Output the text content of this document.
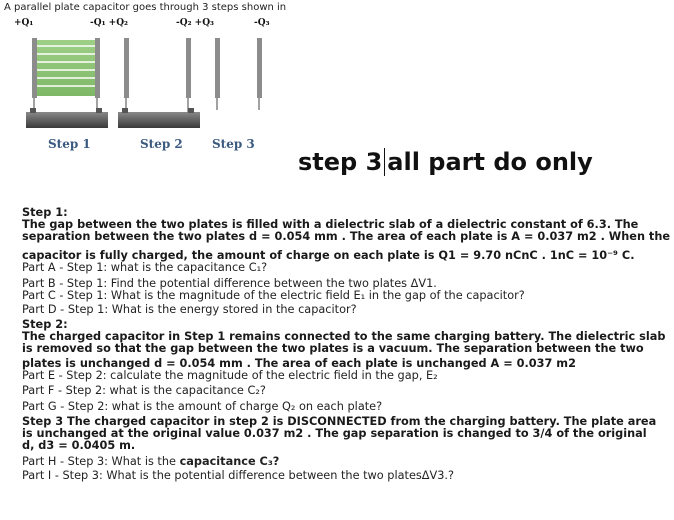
A parallel plate capacitor goes through 3 steps shown in
+Q₁	-Q₁ +Q₂	-Q₂ +Q₃	-Q₃
Step 1	Step 2 Step 3
step 3 all part do only
Step 1:
The gap between the two plates is filled with a dielectric slab of a dielectric constant of 6.3. The
separation between the two plates d = 0.054 mm . The area of each plate is A = 0.037 m2 . When the
capacitor is fully charged, the amount of charge on each plate is Q1 = 9.70 nCnC . 1nC = 10⁻⁹ C.
Part A - Step 1: what is the capacitance C₁?
Part B - Step 1: Find the potential difference between the two plates ΔV1.
Part C - Step 1: What is the magnitude of the electric field E₁ in the gap of the capacitor?
Part D - Step 1: What is the energy stored in the capacitor?
Step 2:
The charged capacitor in Step 1 remains connected to the same charging battery. The dielectric slab
is removed so that the gap between the two plates is a vacuum. The separation between the two
plates is unchanged d = 0.054 mm . The area of each plate is unchanged A = 0.037 m2
Part E - Step 2: calculate the magnitude of the electric field in the gap, E₂
Part F - Step 2: what is the capacitance C₂?
Part G - Step 2: what is the amount of charge Q₂ on each plate?
Step 3 The charged capacitor in step 2 is DISCONNECTED from the charging battery. The plate area
is unchanged at the original value 0.037 m2 . The gap separation is changed to 3/4 of the original
d, d3 = 0.0405 m.
Part H - Step 3: What is the capacitance C₃?
Part I - Step 3: What is the potential difference between the two platesΔV3.?
